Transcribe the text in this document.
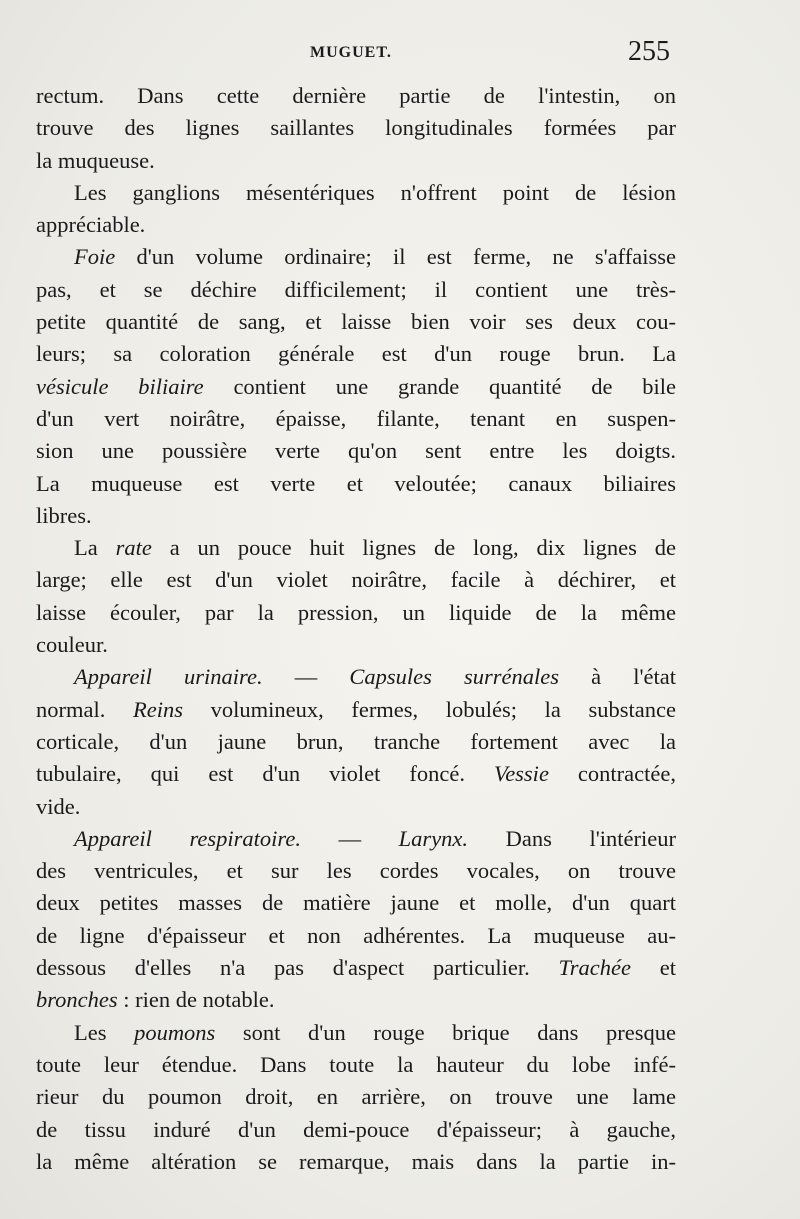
MUGUET.	255
rectum. Dans cette dernière partie de l'intestin, on
trouve des lignes saillantes longitudinales formées par
la muqueuse.
Les ganglions mésentériques n'offrent point de lésion
appréciable.
Foie d'un volume ordinaire; il est ferme, ne s'affaisse
pas, et se déchire difficilement; il contient une très-
petite quantité de sang, et laisse bien voir ses deux cou-
leurs; sa coloration générale est d'un rouge brun. La
vésicule biliaire contient une grande quantité de bile
d'un vert noirâtre, épaisse, filante, tenant en suspen-
sion une poussière verte qu'on sent entre les doigts.
La muqueuse est verte et veloutée; canaux biliaires
libres.
La rate a un pouce huit lignes de long, dix lignes de
large; elle est d'un violet noirâtre, facile à déchirer, et
laisse écouler, par la pression, un liquide de la même
couleur.
Appareil urinaire. — Capsules surrénales à l'état
normal. Reins volumineux, fermes, lobulés; la substance
corticale, d'un jaune brun, tranche fortement avec la
tubulaire, qui est d'un violet foncé. Vessie contractée,
vide.
Appareil respiratoire. — Larynx. Dans l'intérieur
des ventricules, et sur les cordes vocales, on trouve
deux petites masses de matière jaune et molle, d'un quart
de ligne d'épaisseur et non adhérentes. La muqueuse au-
dessous d'elles n'a pas d'aspect particulier. Trachée et
bronches : rien de notable.
Les poumons sont d'un rouge brique dans presque
toute leur étendue. Dans toute la hauteur du lobe infé-
rieur du poumon droit, en arrière, on trouve une lame
de tissu induré d'un demi-pouce d'épaisseur; à gauche,
la même altération se remarque, mais dans la partie in-
